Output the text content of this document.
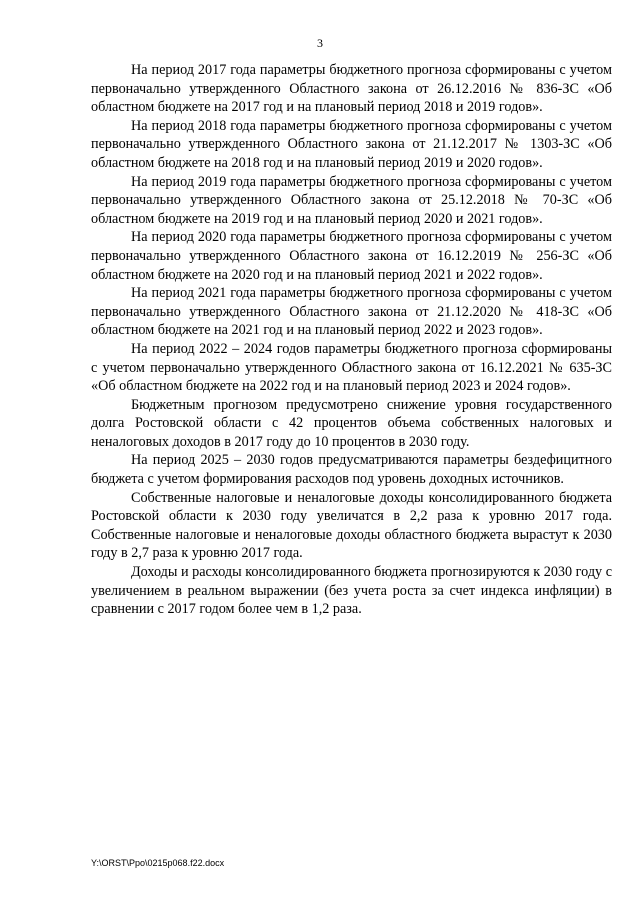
3

На период 2017 года параметры бюджетного прогноза сформированы с учетом первоначально утвержденного Областного закона от 26.12.2016 № 836-ЗС «Об областном бюджете на 2017 год и на плановый период 2018 и 2019 годов».

На период 2018 года параметры бюджетного прогноза сформированы с учетом первоначально утвержденного Областного закона от 21.12.2017 № 1303-ЗС «Об областном бюджете на 2018 год и на плановый период 2019 и 2020 годов».

На период 2019 года параметры бюджетного прогноза сформированы с учетом первоначально утвержденного Областного закона от 25.12.2018 № 70-ЗС «Об областном бюджете на 2019 год и на плановый период 2020 и 2021 годов».

На период 2020 года параметры бюджетного прогноза сформированы с учетом первоначально утвержденного Областного закона от 16.12.2019 № 256-ЗС «Об областном бюджете на 2020 год и на плановый период 2021 и 2022 годов».

На период 2021 года параметры бюджетного прогноза сформированы с учетом первоначально утвержденного Областного закона от 21.12.2020 № 418-ЗС «Об областном бюджете на 2021 год и на плановый период 2022 и 2023 годов».

На период 2022 – 2024 годов параметры бюджетного прогноза сформированы с учетом первоначально утвержденного Областного закона от 16.12.2021 № 635-ЗС «Об областном бюджете на 2022 год и на плановый период 2023 и 2024 годов».

Бюджетным прогнозом предусмотрено снижение уровня государственного долга Ростовской области с 42 процентов объема собственных налоговых и неналоговых доходов в 2017 году до 10 процентов в 2030 году.

На период 2025 – 2030 годов предусматриваются параметры бездефицитного бюджета с учетом формирования расходов под уровень доходных источников.

Собственные налоговые и неналоговые доходы консолидированного бюджета Ростовской области к 2030 году увеличатся в 2,2 раза к уровню 2017 года. Собственные налоговые и неналоговые доходы областного бюджета вырастут к 2030 году в 2,7 раза к уровню 2017 года.

Доходы и расходы консолидированного бюджета прогнозируются к 2030 году с увеличением в реальном выражении (без учета роста за счет индекса инфляции) в сравнении с 2017 годом более чем в 1,2 раза.

Y:\ORST\Ppo\0215p068.f22.docx
